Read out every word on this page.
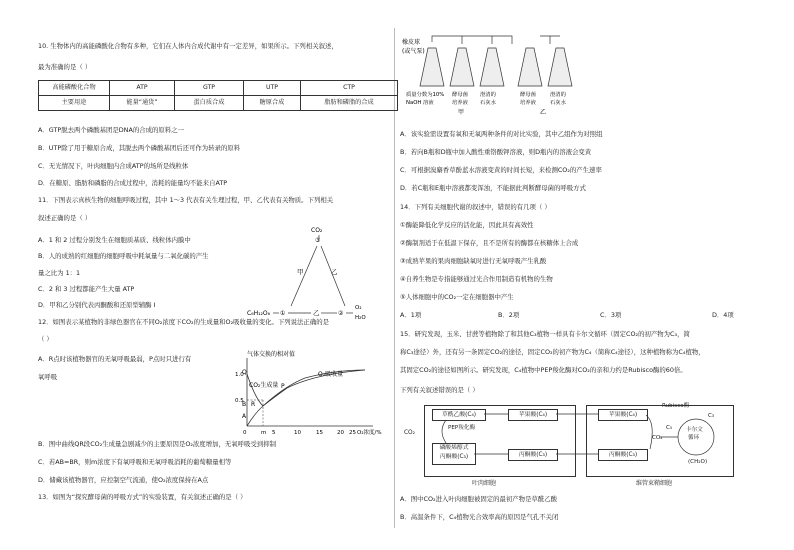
10. 生物体内的高能磷酸化合物有多种，它们在人体内合成代谢中有一定差异，如果所示。下列相关叙述，
最为准确的是（ ）
高能磷酸化合物	ATP	GTP	UTP	CTP
主要用途	能量“通货”	蛋白质合成	糖原合成	脂肪和磷脂的合成
A．GTP脱去两个磷酸基团是DNA的合成的原料之一
B．UTP除了用于糖原合成，其脱去两个磷酸基团后还可作为转录的原料
C．无光情况下，叶肉细胞内合成ATP的场所是线粒体
D．在糖原、脂肪和磷脂的合成过程中，消耗的能量均不能来自ATP
11．下图表示真核生物的细胞呼吸过程，其中 1～3 代表有关生理过程，甲、乙代表有关物质。下列相关
叙述正确的是（ ）
A．1 和 2 过程分别发生在细胞质基质、线粒体内膜中
B．人的成熟的红细胞的细胞呼吸中耗氧量与二氧化碳的产生
量之比为 1：1
C．2 和 3 过程都能产生大量 ATP
D．甲和乙分别代表丙酮酸和还原型辅酶 I
CO₂
③
甲	乙
C₆H₁₂O₆ ①	乙	②
O₂
H₂O
12．如图表示某植物的非绿色器官在不同O₂浓度下CO₂的生成量和O₂吸收量的变化。下列说法正确的是
（ ）
A．R点时该植物器官的无氧呼吸最弱，P点时只进行有
氧呼吸
B．图中曲线QR段CO₂生成量急剧减少的主要原因是O₂浓度增加，无氧呼吸受到抑制
C．若AB=BR，则m浓度下有氧呼吸和无氧呼吸消耗的葡萄糖量相等
D．储藏该植物器官，应控制空气流通，使O₂浓度保持在A点
气体交换的相对值
1.0
0.5
CO₂生成量
O₂吸收量
Q
R
P
B
A
0	m 5	10	15	20 25 O₂浓度/%
13．如图为“探究酵母菌的呼吸方式”的实验装置，有关叙述正确的是（ ）
橡皮球
(或气泵)
质量分数为10%
NaOH 溶液
酵母菌
培养液
澄清的
石灰水
酵母菌
培养液
澄清的
石灰水
甲	乙
A．该实验需设置有氧和无氧两种条件的对比实验，其中乙组作为对照组
B．若向B瓶和D瓶中加入酸性重铬酸钾溶液，则D瓶内的溶液会变黄
C．可根据溴麝香草酚蓝水溶液变黄的时间长短，来检测CO₂的产生速率
D．若C瓶和E瓶中溶液都变浑浊，不能据此判断酵母菌的呼吸方式
14．下列有关细胞代谢的叙述中，错误的有几项（ ）
①酶能降低化学反应的活化能，因此具有高效性
②酶制剂适于在低温下保存，且不是所有的酶都在核糖体上合成
③成熟苹果的果肉细胞缺氧时进行无氧呼吸产生乳酸
④自养生物是专指能够通过光合作用制造有机物的生物
⑤人体细胞中的CO₂一定在细胞器中产生
A．1项	B．2项	C．3项	D．4项
15．研究发现，玉米、甘蔗等植物除了和其他C₃植物一样具有卡尔文循环（固定CO₂的初产物为C₃，简
称C₃途径）外，还有另一条固定CO₂的途径，固定CO₂的初产物为C₄（简称C₄途径），这种植物称为C₄植物，
其固定CO₂的途径如图所示。研究发现，C₄植物中PEP羧化酶对CO₂的亲和力约是Rubisco酶的60倍。
下列有关叙述错误的是（ ）
草酰乙酸(C₄)	苹果酸(C₄)	苹果酸(C₄)
PEP羧化酶
磷酸烯醇式
丙酮酸(C₃)	丙酮酸(C₃)	丙酮酸(C₃)
Rubisco酶
C₃
C₅
CO₂
卡尔文
循环
(CH₂O)
CO₂
叶肉细胞	维管束鞘细胞
A．图中CO₂进入叶肉细胞被固定的最初产物是草酰乙酸
B．高温条件下，C₄植物光合效率高的原因是气孔不关闭
